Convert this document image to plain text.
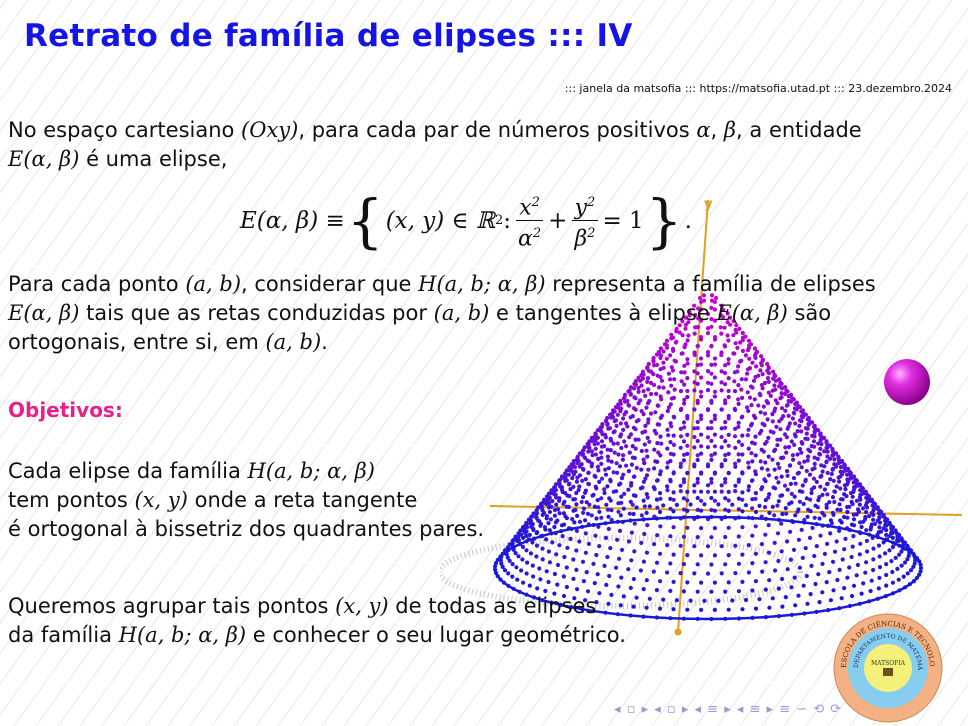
y
Retrato de família de elipses ::: IV
::: janela da matsofia ::: https://matsofia.utad.pt ::: 23.dezembro.2024
No espaço cartesiano (Oxy), para cada par de números positivos α, β, a entidade
E(α, β) é uma elipse,
E(α, β) ≡ { (x, y) ∈ ℝ 2 : $\frac{x^2}{\alpha^2} + \frac{y^2}{\beta^2} = 1$ } .
Para cada ponto (a, b), considerar que H(a, b; α, β) representa a família de elipses
E(α, β) tais que as retas conduzidas por (a, b) e tangentes à elipse E(α, β) são
ortogonais, entre si, em (a, b).
Objetivos:
Cada elipse da família H(a, b; α, β)
tem pontos (x, y) onde a reta tangente
é ortogonal à bissetriz dos quadrantes pares.
Queremos agrupar tais pontos (x, y) de todas as elipses
da família H(a, b; α, β) e conhecer o seu lugar geométrico.
ESCOLA DE CIÊNCIAS E TECNOLO
DEPARTAMENTO DE MATEMÁ
MATSOFIA
◂ ▫ ▸ ◂ ▫ ▸ ◂ ≡ ▸ ◂ ≡ ▸ ≡ ∽ ⟲ ⟳
